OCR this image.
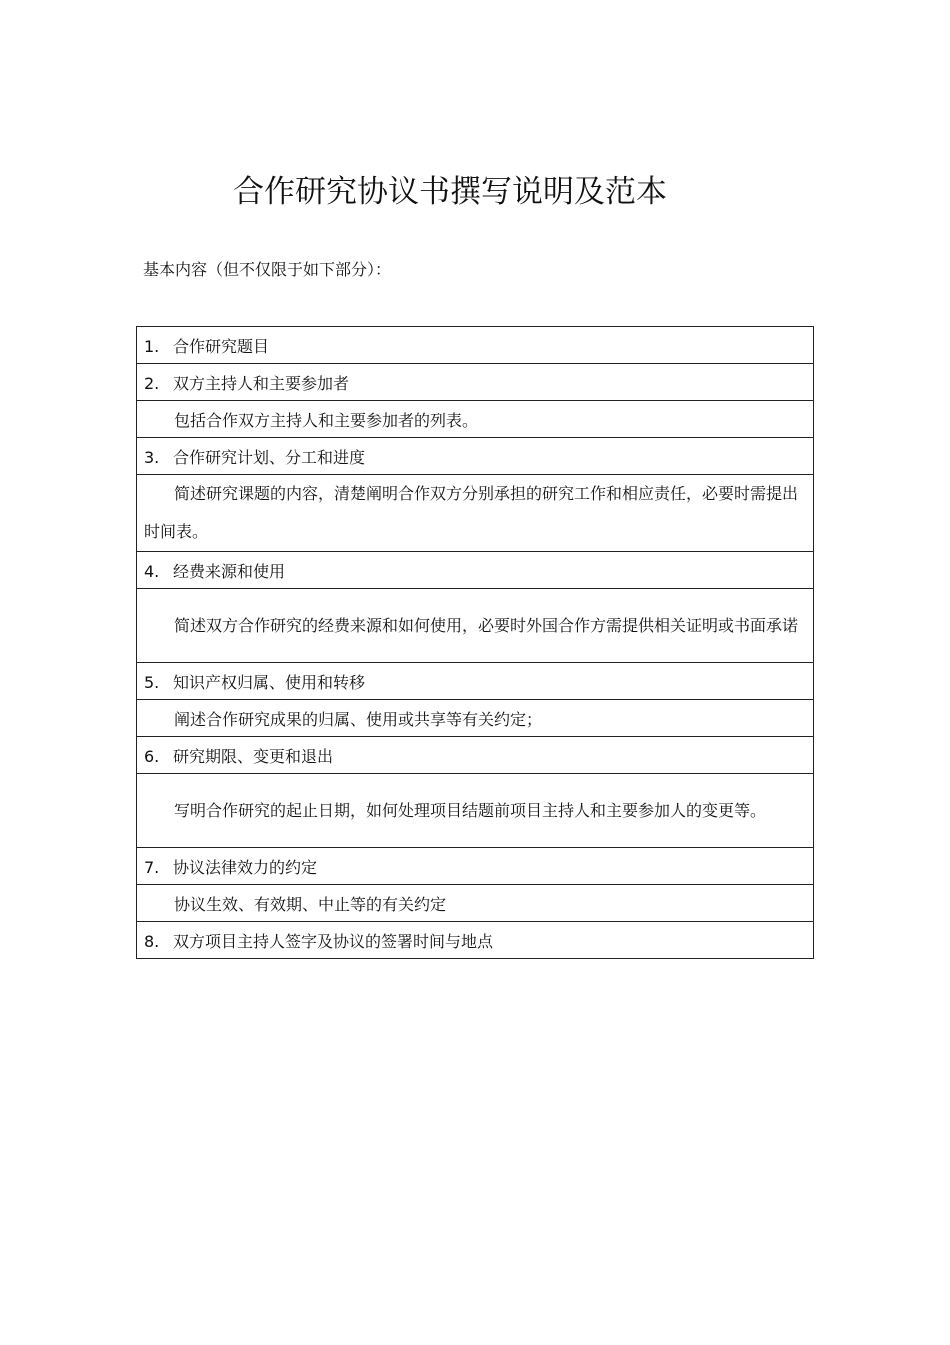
合作研究协议书撰写说明及范本

基本内容（但不仅限于如下部分）：

1. 合作研究题目
2. 双方主持人和主要参加者
包括合作双方主持人和主要参加者的列表。
3. 合作研究计划、分工和进度
简述研究课题的内容，清楚阐明合作双方分别承担的研究工作和相应责任，必要时需提出时间表。
4. 经费来源和使用
简述双方合作研究的经费来源和如何使用，必要时外国合作方需提供相关证明或书面承诺
5. 知识产权归属、使用和转移
阐述合作研究成果的归属、使用或共享等有关约定；
6. 研究期限、变更和退出
写明合作研究的起止日期，如何处理项目结题前项目主持人和主要参加人的变更等。
7. 协议法律效力的约定
协议生效、有效期、中止等的有关约定
8. 双方项目主持人签字及协议的签署时间与地点
